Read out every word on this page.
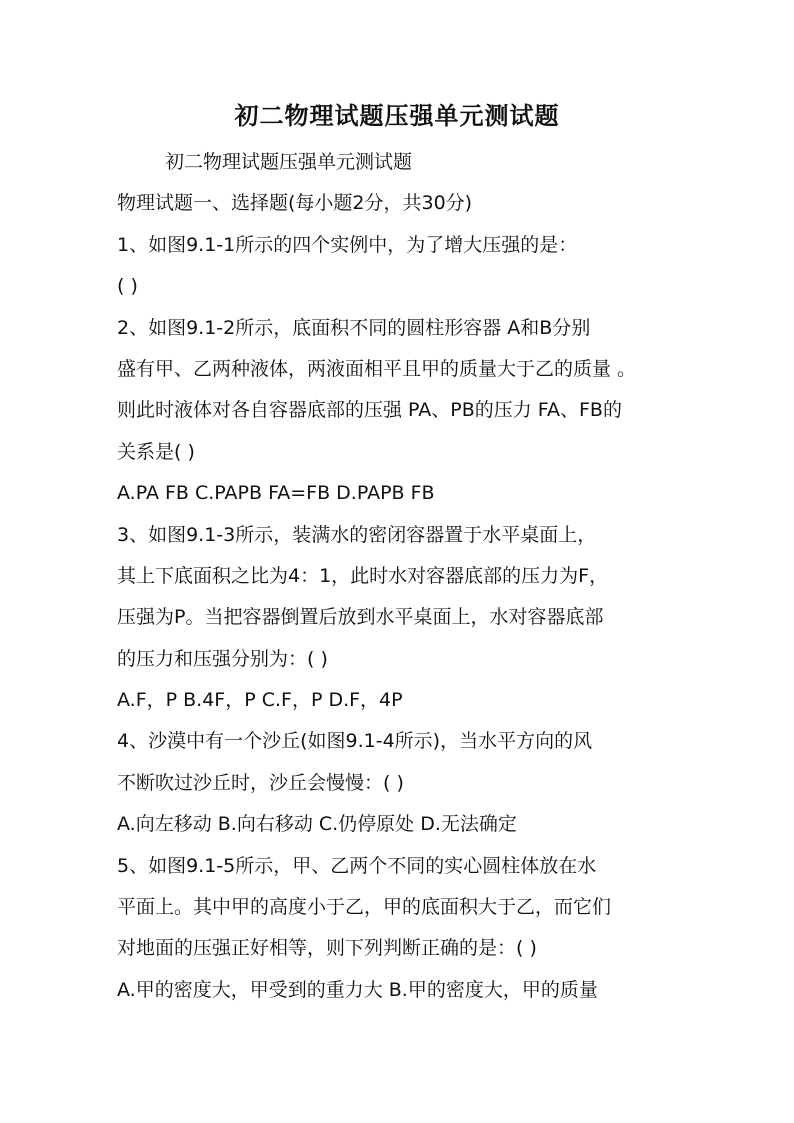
初二物理试题压强单元测试题
初二物理试题压强单元测试题
物理试题一、选择题(每小题2分，共30分)
1、如图9.1-1所示的四个实例中，为了增大压强的是：
( )
2、如图9.1-2所示，底面积不同的圆柱形容器 A和B分别
盛有甲、乙两种液体，两液面相平且甲的质量大于乙的质量 。
则此时液体对各自容器底部的压强 PA、PB的压力 FA、FB的
关系是( )
A.PA FB C.PAPB FA=FB D.PAPB FB
3、如图9.1-3所示，装满水的密闭容器置于水平桌面上，
其上下底面积之比为4：1，此时水对容器底部的压力为F，
压强为P。当把容器倒置后放到水平桌面上，水对容器底部
的压力和压强分别为：( )
A.F，P B.4F，P C.F，P D.F，4P
4、沙漠中有一个沙丘(如图9.1-4所示)，当水平方向的风
不断吹过沙丘时，沙丘会慢慢：( )
A.向左移动 B.向右移动 C.仍停原处 D.无法确定
5、如图9.1-5所示，甲、乙两个不同的实心圆柱体放在水
平面上。其中甲的高度小于乙，甲的底面积大于乙，而它们
对地面的压强正好相等，则下列判断正确的是：( )
A.甲的密度大，甲受到的重力大 B.甲的密度大，甲的质量
